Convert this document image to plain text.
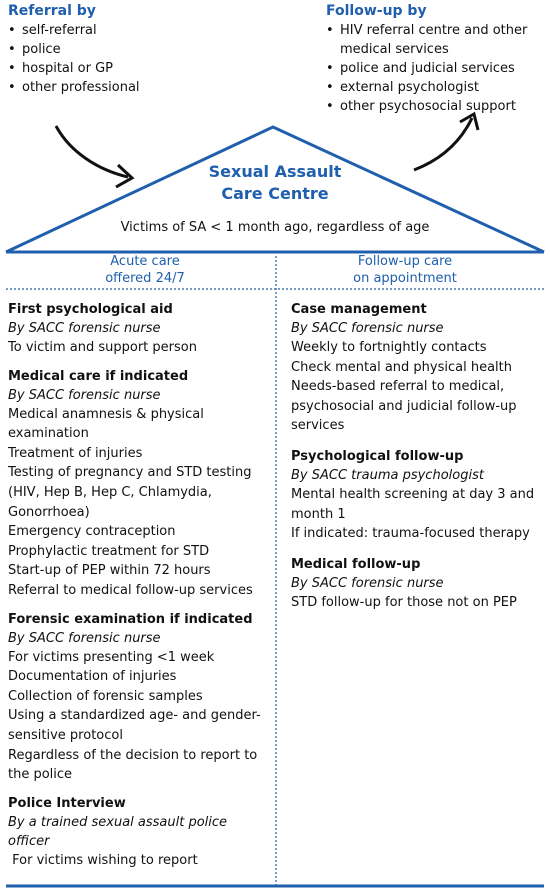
Referral by
• self-referral
• police
• hospital or GP
• other professional
Follow-up by
• HIV referral centre and other medical services
• police and judicial services
• external psychologist
• other psychosocial support
Sexual Assault
Care Centre
Victims of SA < 1 month ago, regardless of age
Acute care
offered 24/7
Follow-up care
on appointment
First psychological aid
By SACC forensic nurse
To victim and support person
Medical care if indicated
By SACC forensic nurse
Medical anamnesis & physical examination
Treatment of injuries
Testing of pregnancy and STD testing (HIV, Hep B, Hep C, Chlamydia, Gonorrhoea)
Emergency contraception
Prophylactic treatment for STD
Start-up of PEP within 72 hours
Referral to medical follow-up services
Forensic examination if indicated
By SACC forensic nurse
For victims presenting <1 week
Documentation of injuries
Collection of forensic samples
Using a standardized age- and gender-sensitive protocol
Regardless of the decision to report to the police
Police Interview
By a trained sexual assault police officer
For victims wishing to report
Case management
By SACC forensic nurse
Weekly to fortnightly contacts
Check mental and physical health
Needs-based referral to medical, psychosocial and judicial follow-up services
Psychological follow-up
By SACC trauma psychologist
Mental health screening at day 3 and month 1
If indicated: trauma-focused therapy
Medical follow-up
By SACC forensic nurse
STD follow-up for those not on PEP
